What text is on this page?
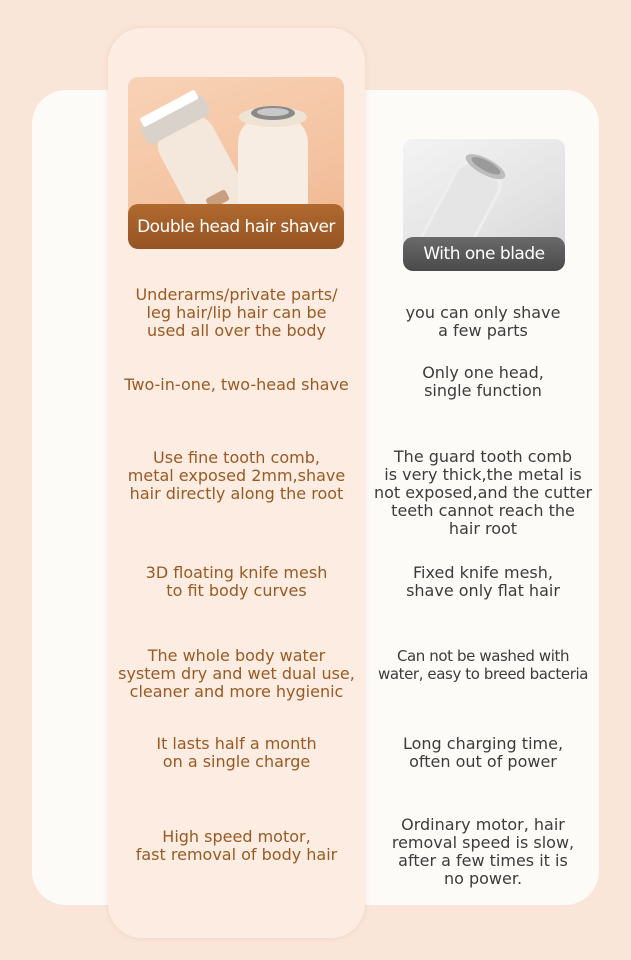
Double head hair shaver
With one blade
Underarms/private parts/
leg hair/lip hair can be
used all over the body
Two-in-one, two-head shave
Use fine tooth comb,
metal exposed 2mm,shave
hair directly along the root
3D floating knife mesh
to fit body curves
The whole body water
system dry and wet dual use,
cleaner and more hygienic
It lasts half a month
on a single charge
High speed motor,
fast removal of body hair
you can only shave
a few parts
Only one head,
single function
The guard tooth comb
is very thick,the metal is
not exposed,and the cutter
teeth cannot reach the
hair root
Fixed knife mesh,
shave only flat hair
Can not be washed with
water, easy to breed bacteria
Long charging time,
often out of power
Ordinary motor, hair
removal speed is slow,
after a few times it is
no power.
